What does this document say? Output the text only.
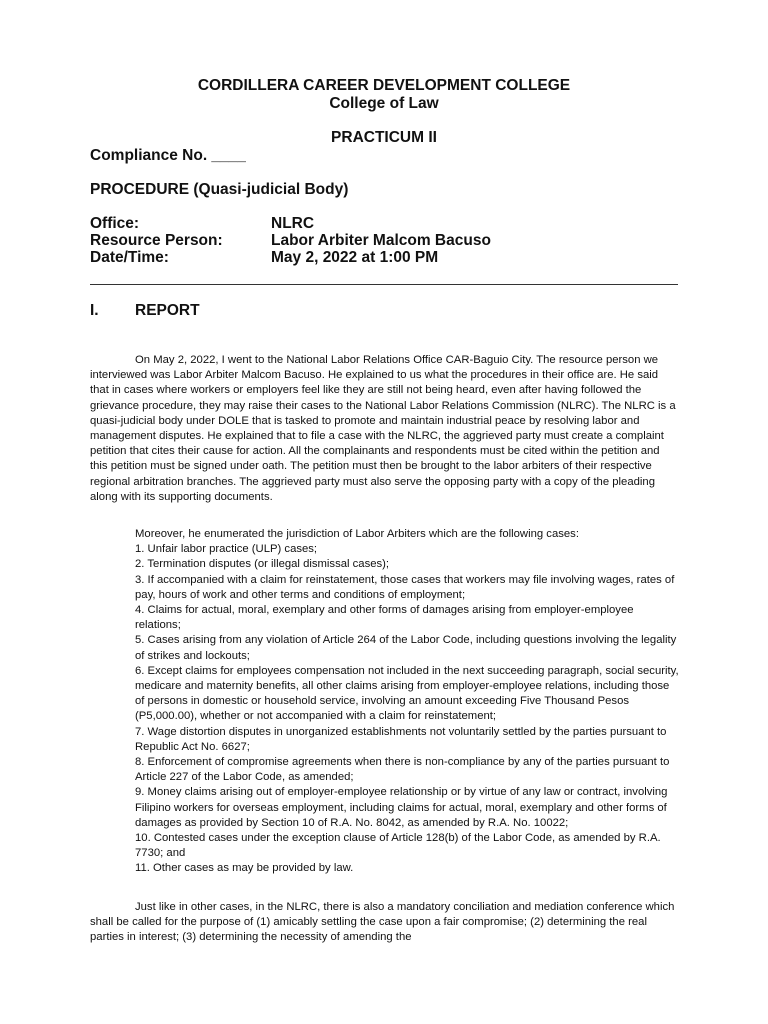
CORDILLERA CAREER DEVELOPMENT COLLEGE
College of Law
PRACTICUM II
Compliance No. ____
PROCEDURE (Quasi-judicial Body)
Office:	NLRC
Resource Person:	Labor Arbiter Malcom Bacuso
Date/Time:	May 2, 2022 at 1:00 PM
I. REPORT

On May 2, 2022, I went to the National Labor Relations Office CAR-Baguio City. The resource person we interviewed was Labor Arbiter Malcom Bacuso. He explained to us what the procedures in their office are. He said that in cases where workers or employers feel like they are still not being heard, even after having followed the grievance procedure, they may raise their cases to the National Labor Relations Commission (NLRC). The NLRC is a quasi-judicial body under DOLE that is tasked to promote and maintain industrial peace by resolving labor and management disputes. He explained that to file a case with the NLRC, the aggrieved party must create a complaint petition that cites their cause for action. All the complainants and respondents must be cited within the petition and this petition must be signed under oath. The petition must then be brought to the labor arbiters of their respective regional arbitration branches. The aggrieved party must also serve the opposing party with a copy of the pleading along with its supporting documents.

Moreover, he enumerated the jurisdiction of Labor Arbiters which are the following cases:

1. Unfair labor practice (ULP) cases;
2. Termination disputes (or illegal dismissal cases);
3. If accompanied with a claim for reinstatement, those cases that workers may file involving wages, rates of pay, hours of work and other terms and conditions of employment;
4. Claims for actual, moral, exemplary and other forms of damages arising from employer-employee relations;
5. Cases arising from any violation of Article 264 of the Labor Code, including questions involving the legality of strikes and lockouts;
6. Except claims for employees compensation not included in the next succeeding paragraph, social security, medicare and maternity benefits, all other claims arising from employer-employee relations, including those of persons in domestic or household service, involving an amount exceeding Five Thousand Pesos (P5,000.00), whether or not accompanied with a claim for reinstatement;
7. Wage distortion disputes in unorganized establishments not voluntarily settled by the parties pursuant to Republic Act No. 6627;
8. Enforcement of compromise agreements when there is non-compliance by any of the parties pursuant to Article 227 of the Labor Code, as amended;
9. Money claims arising out of employer-employee relationship or by virtue of any law or contract, involving Filipino workers for overseas employment, including claims for actual, moral, exemplary and other forms of damages as provided by Section 10 of R.A. No. 8042, as amended by R.A. No. 10022;
10. Contested cases under the exception clause of Article 128(b) of the Labor Code, as amended by R.A. 7730; and
11. Other cases as may be provided by law.

Just like in other cases, in the NLRC, there is also a mandatory conciliation and mediation conference which shall be called for the purpose of (1) amicably settling the case upon a fair compromise; (2) determining the real parties in interest; (3) determining the necessity of amending the
